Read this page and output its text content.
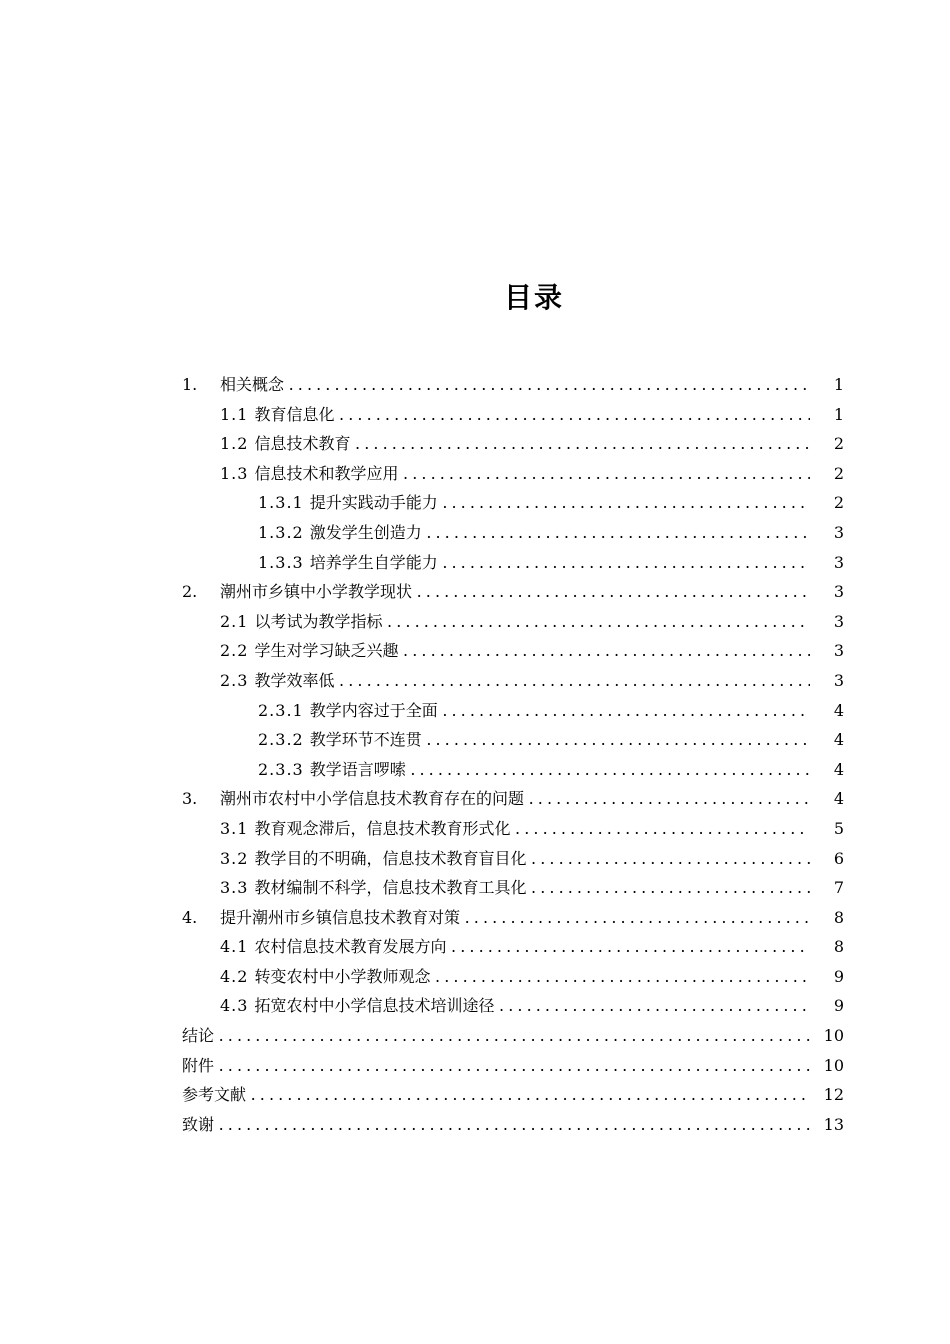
目录
1. 相关概念 . . .	1
1.1 教育信息化 . . .	1
1.2 信息技术教育 . . .	2
1.3 信息技术和教学应用 . . .	2
1.3.1 提升实践动手能力 . . .	2
1.3.2 激发学生创造力 . . .	3
1.3.3 培养学生自学能力 . . .	3
2. 潮州市乡镇中小学教学现状 . . .	3
2.1 以考试为教学指标 . . .	3
2.2 学生对学习缺乏兴趣 . . .	3
2.3 教学效率低 . . .	3
2.3.1 教学内容过于全面 . . .	4
2.3.2 教学环节不连贯 . . .	4
2.3.3 教学语言啰嗦 . . .	4
3. 潮州市农村中小学信息技术教育存在的问题 . . .	4
3.1 教育观念滞后，信息技术教育形式化 . . .	5
3.2 教学目的不明确，信息技术教育盲目化 . . .	6
3.3 教材编制不科学，信息技术教育工具化 . . .	7
4. 提升潮州市乡镇信息技术教育对策 . . .	8
4.1 农村信息技术教育发展方向 . . .	8
4.2 转变农村中小学教师观念 . . .	9
4.3 拓宽农村中小学信息技术培训途径 . . .	9
结论 . . .	10
附件 . . .	10
参考文献 . . .	12
致谢 . . .	13
